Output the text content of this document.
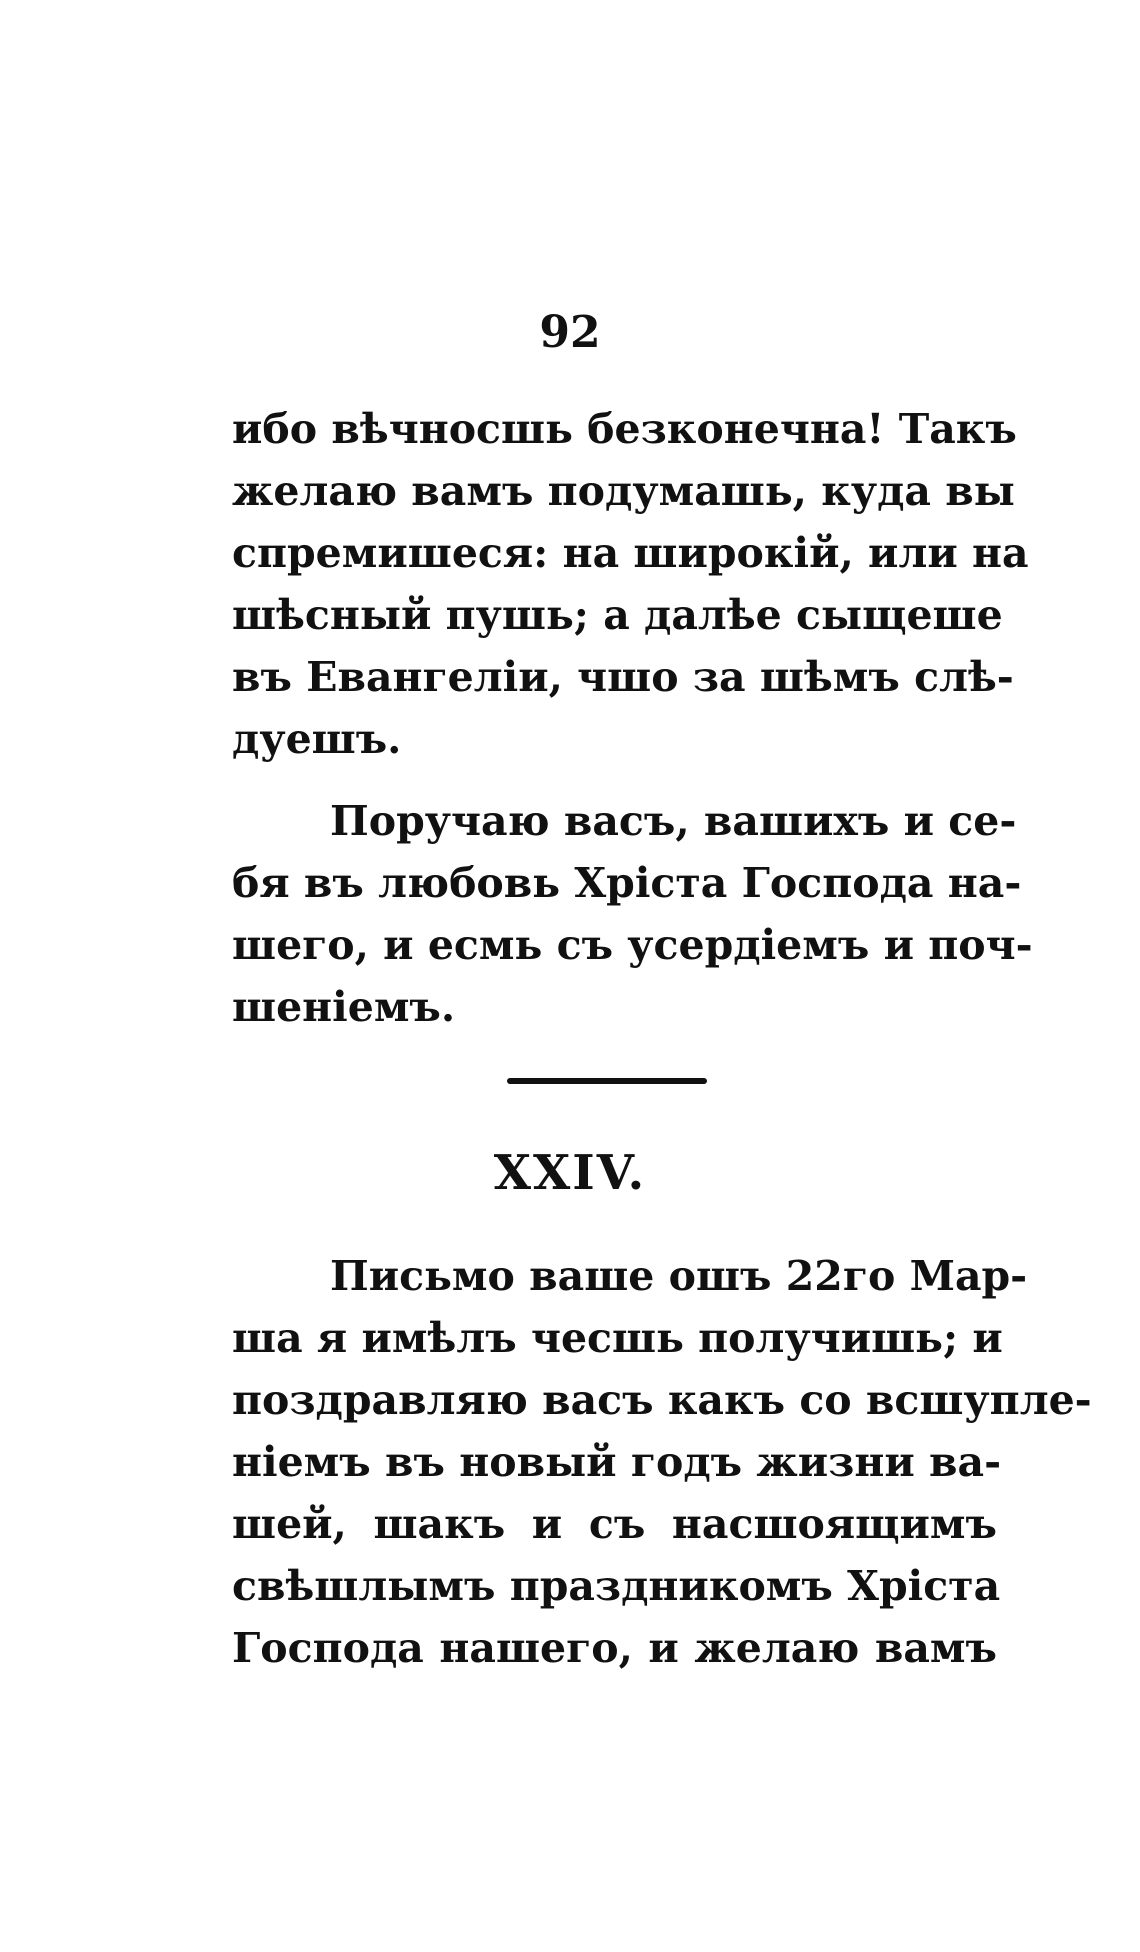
92
ибо вѣчносшь безконечна! Такъ
желаю вамъ подумашь, куда вы
спремишеся: на широкій, или на
шѣсный пушь; а далѣе сыщеше
въ Евангеліи, чшо за шѣмъ слѣ-
дуешъ.
Поручаю васъ, вашихъ и се-
бя въ любовь Хріста Господа на-
шего, и есмь съ усердіемъ и поч-
шеніемъ.
XXIV.
Письмо ваше ошъ 22го Мар-
ша я имѣлъ чесшь получишь; и
поздравляю васъ какъ со всшупле-
ніемъ въ новый годъ жизни ва-
шей, шакъ и съ насшоящимъ
свѣшлымъ праздникомъ Хріста
Господа нашего, и желаю вамъ
